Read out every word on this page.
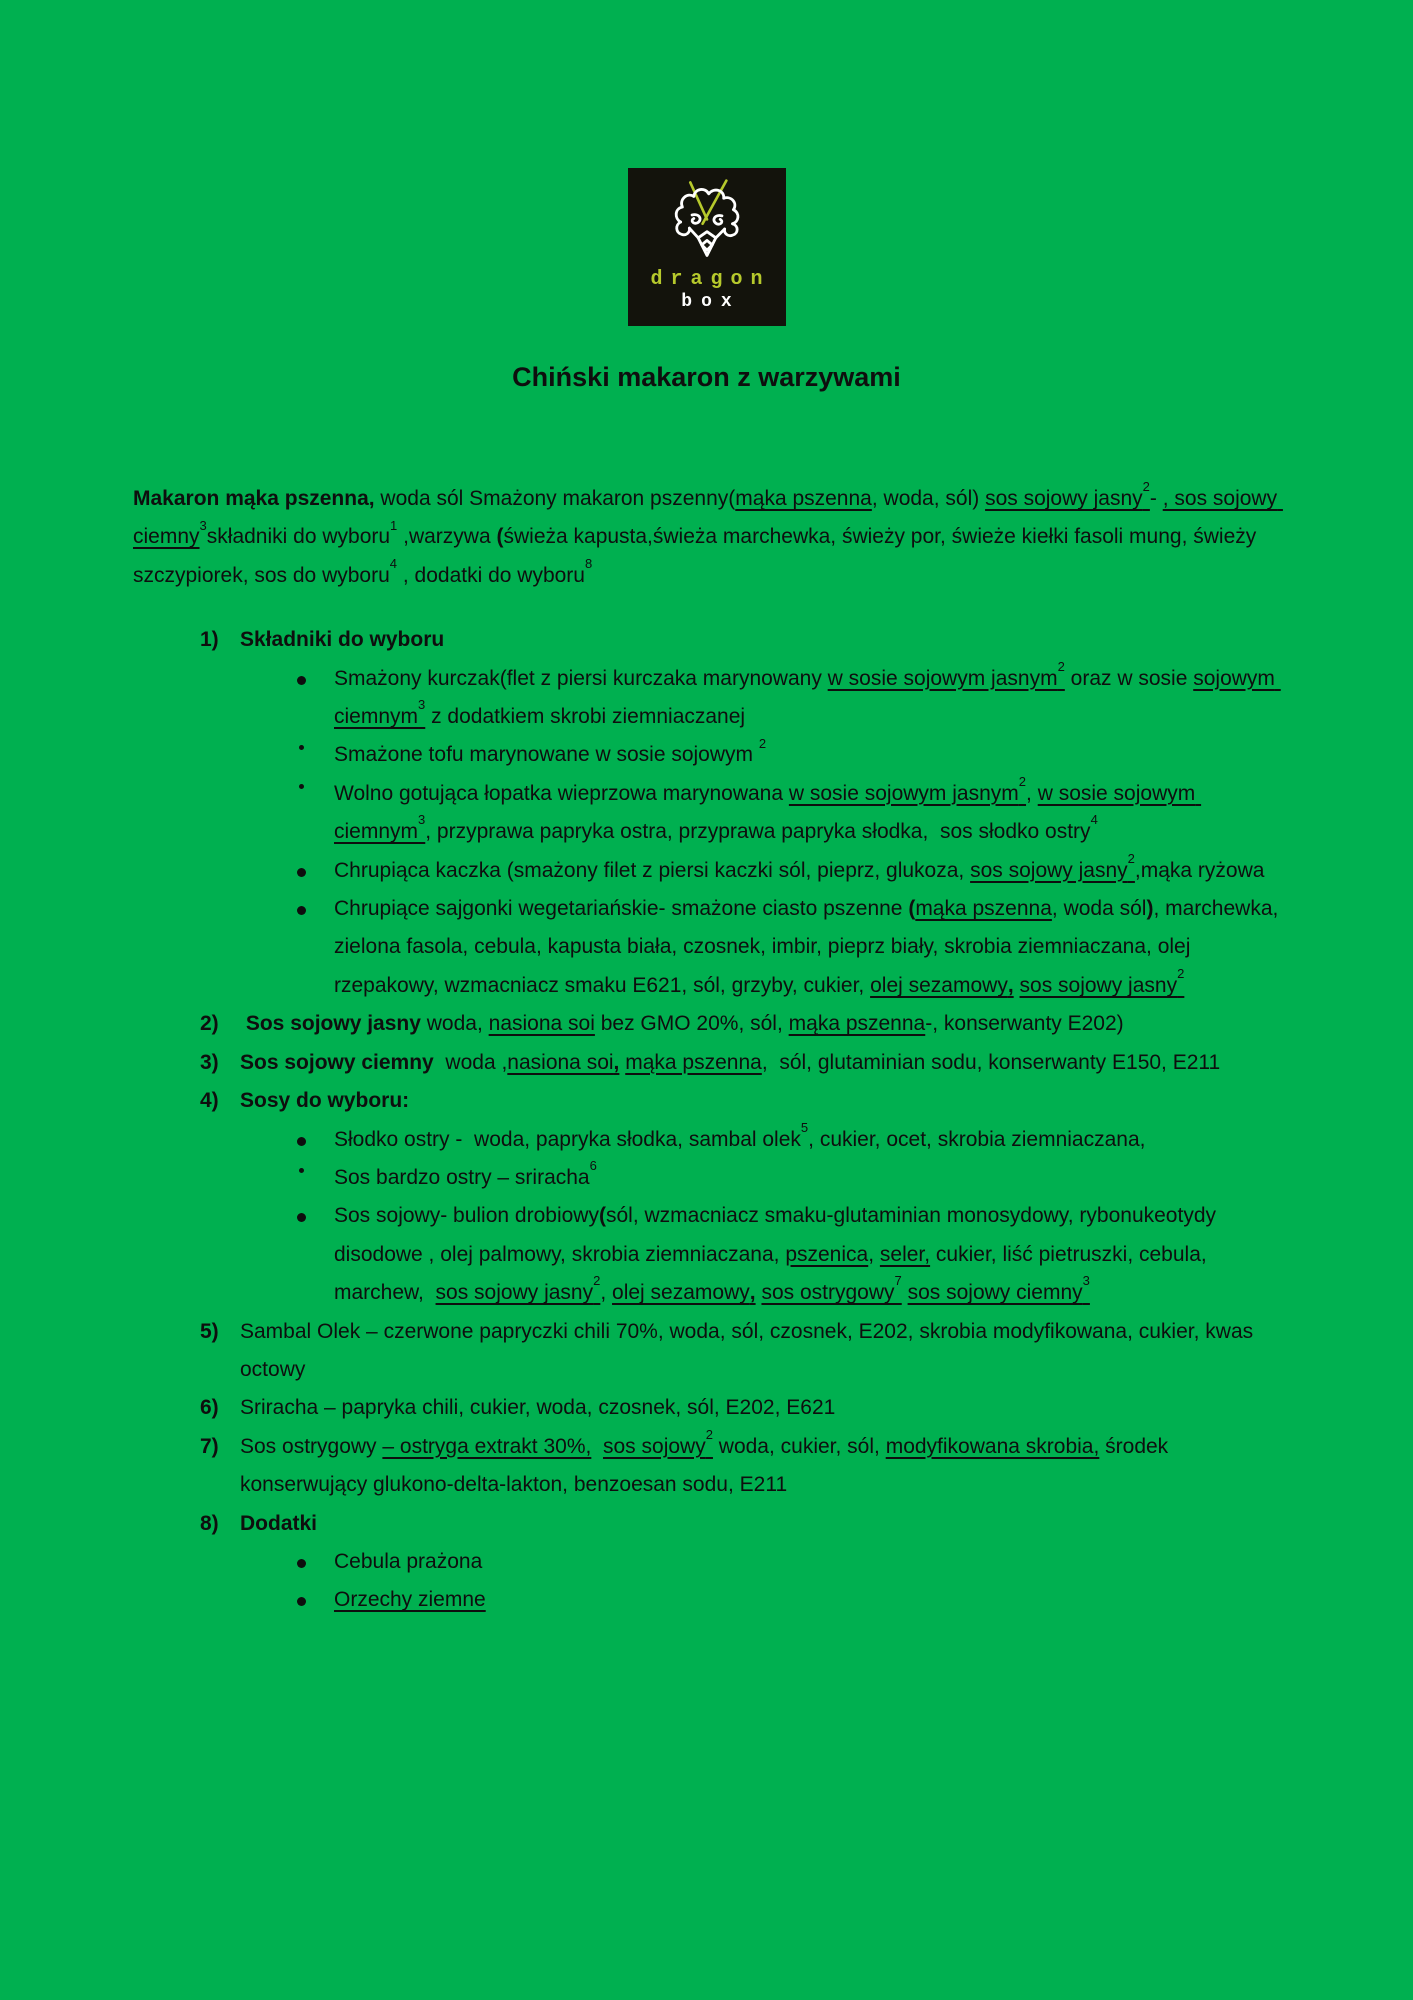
dragon
box
Chiński makaron z warzywami

Makaron mąka pszenna, woda sól Smażony makaron pszenny(mąka pszenna, woda, sól) sos sojowy jasny$^2$- , sos sojowy ciemny$^3$składniki do wyboru$^1$ ,warzywa (świeża kapusta,świeża marchewka, świeży por, świeże kiełki fasoli mung, świeży szczypiorek, sos do wyboru$^4$ , dodatki do wyboru$^8$

1) Składniki do wyboru
Smażony kurczak(flet z piersi kurczaka marynowany w sosie sojowym jasnym$^2$ oraz w sosie sojowym ciemnym$^3$ z dodatkiem skrobi ziemniaczanej
Smażone tofu marynowane w sosie sojowym $^2$
Wolno gotująca łopatka wieprzowa marynowana w sosie sojowym jasnym$^2$, w sosie sojowym ciemnym$^3$, przyprawa papryka ostra, przyprawa papryka słodka,  sos słodko ostry$^4$
Chrupiąca kaczka (smażony filet z piersi kaczki sól, pieprz, glukoza, sos sojowy jasny$^2$,mąka ryżowa
Chrupiące sajgonki wegetariańskie- smażone ciasto pszenne (mąka pszenna, woda sól), marchewka, zielona fasola, cebula, kapusta biała, czosnek, imbir, pieprz biały, skrobia ziemniaczana, olej rzepakowy, wzmacniacz smaku E621, sól, grzyby, cukier, olej sezamowy, sos sojowy jasny$^2$
2) Sos sojowy jasny woda, nasiona soi bez GMO 20%, sól, mąka pszenna-, konserwanty E202)
3) Sos sojowy ciemny  woda ,nasiona soi, mąka pszenna,  sól, glutaminian sodu, konserwanty E150, E211
4) Sosy do wyboru:
Słodko ostry -  woda, papryka słodka, sambal olek$^5$, cukier, ocet, skrobia ziemniaczana,
Sos bardzo ostry – sriracha$^6$
Sos sojowy- bulion drobiowy(sól, wzmacniacz smaku-glutaminian monosydowy, rybonukeotydy disodowe , olej palmowy, skrobia ziemniaczana, pszenica, seler, cukier, liść pietruszki, cebula, marchew,  sos sojowy jasny$^2$, olej sezamowy, sos ostrygowy$^7$ sos sojowy ciemny$^3$
5) Sambal Olek – czerwone papryczki chili 70%, woda, sól, czosnek, E202, skrobia modyfikowana, cukier, kwas octowy
6) Sriracha – papryka chili, cukier, woda, czosnek, sól, E202, E621
7) Sos ostrygowy – ostryga extrakt 30%, sos sojowy$^2$ woda, cukier, sól, modyfikowana skrobia, środek konserwujący glukono-delta-lakton, benzoesan sodu, E211
8) Dodatki
Cebula prażona
Orzechy ziemne
